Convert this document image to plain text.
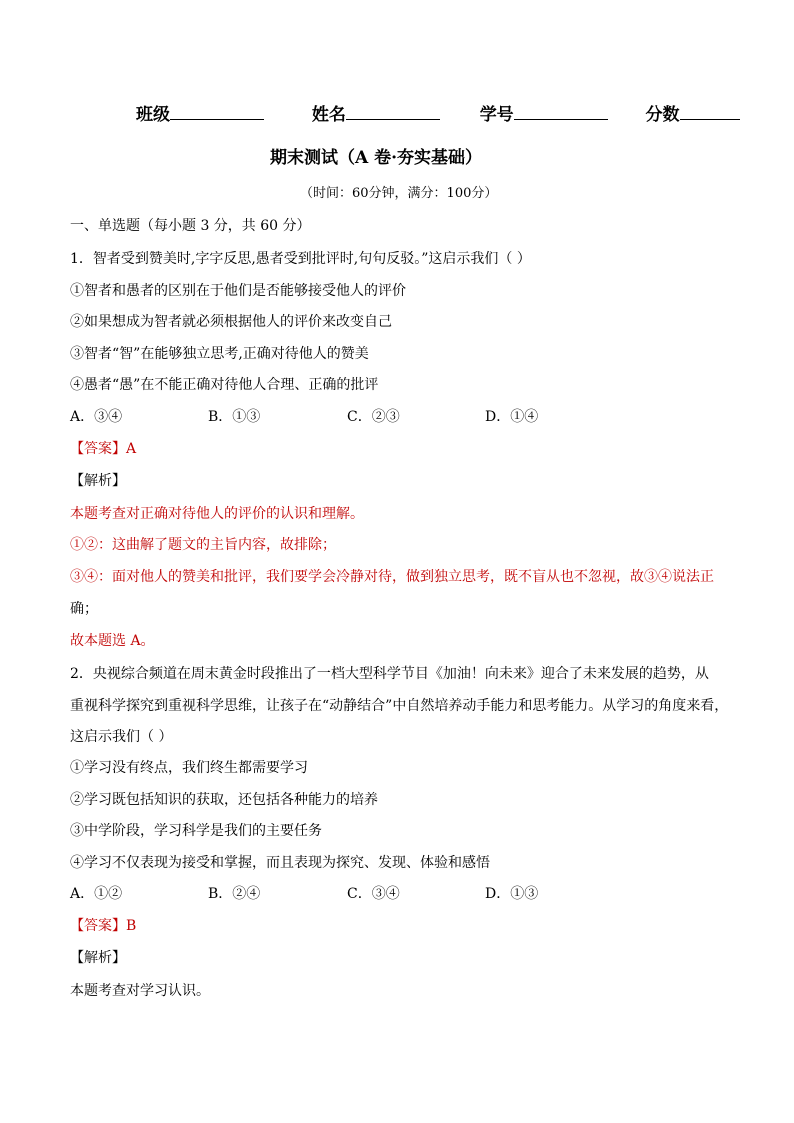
班级	姓名	学号	分数
期末测试（A 卷·夯实基础）
（时间：60分钟，满分：100分）
一、单选题（每小题 3 分，共 60 分）
1．智者受到赞美时,字字反思,愚者受到批评时,句句反驳。”这启示我们（ ）
①智者和愚者的区别在于他们是否能够接受他人的评价
②如果想成为智者就必须根据他人的评价来改变自己
③智者“智”在能够独立思考,正确对待他人的赞美
④愚者“愚”在不能正确对待他人合理、正确的批评
A．③④	B．①③	C．②③	D．①④
【答案】A
【解析】
本题考查对正确对待他人的评价的认识和理解。
①②：这曲解了题文的主旨内容，故排除；
③④：面对他人的赞美和批评，我们要学会冷静对待，做到独立思考，既不盲从也不忽视，故③④说法正
确；
故本题选 A。
2．央视综合频道在周末黄金时段推出了一档大型科学节目《加油！向未来》迎合了未来发展的趋势，从
重视科学探究到重视科学思维，让孩子在“动静结合”中自然培养动手能力和思考能力。从学习的角度来看，
这启示我们（ ）
①学习没有终点，我们终生都需要学习
②学习既包括知识的获取，还包括各种能力的培养
③中学阶段，学习科学是我们的主要任务
④学习不仅表现为接受和掌握，而且表现为探究、发现、体验和感悟
A．①②	B．②④	C．③④	D．①③
【答案】B
【解析】
本题考查对学习认识。
